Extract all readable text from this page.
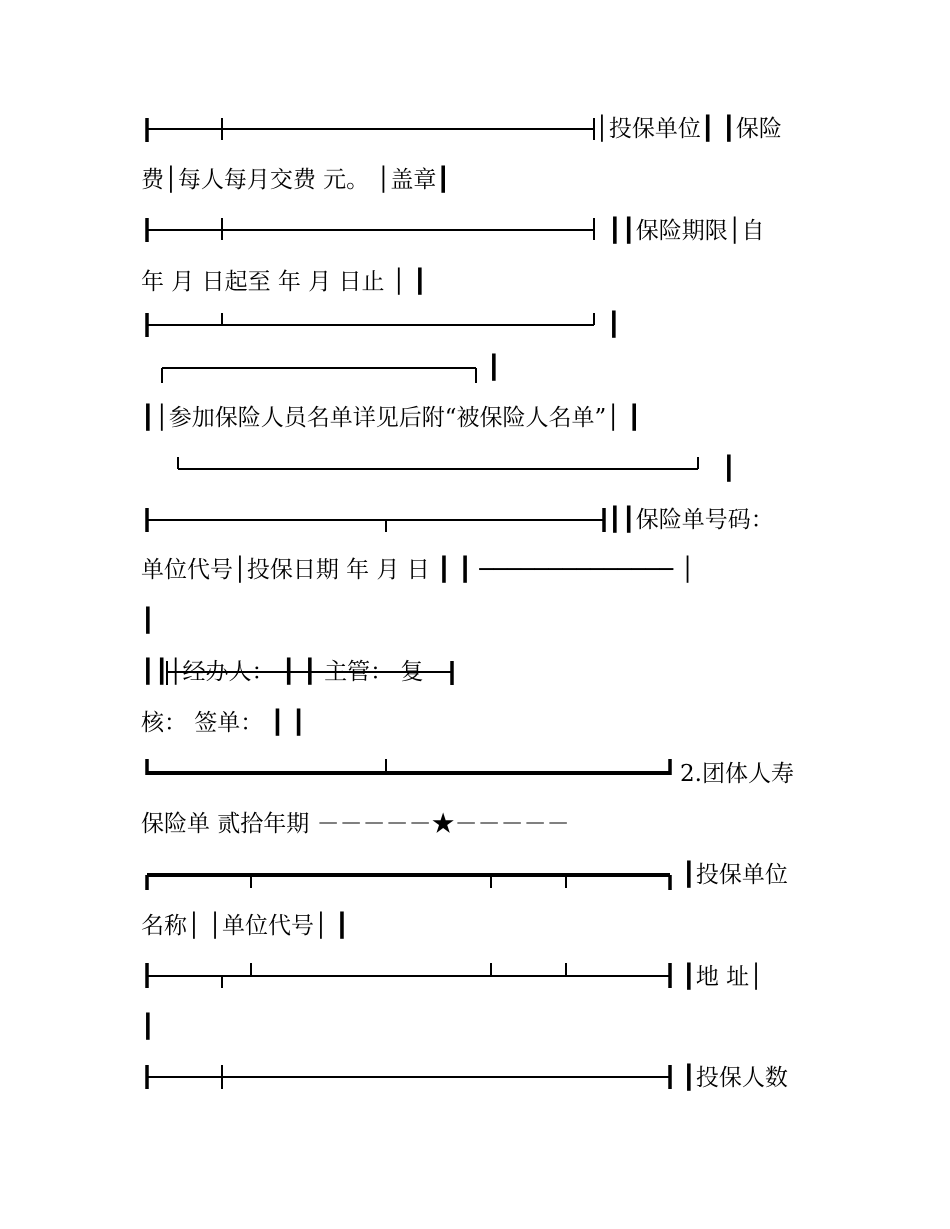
│投保单位┃ ┃保险
费│每人每月交费 元。 │盖章┃
┃┃保险期限│自
年 月 日起至 年 月 日止 │ ┃
┃
┃
┃│参加保险人员名单详见后附“被保险人名单”│ ┃
┃
┃┃保险单号码：
单位代号│投保日期 年 月 日 ┃ ┃ ────────────── │
┃
┃┃│经办人： ┃ ┃ 主管： 复
核： 签单： ┃ ┃
2.团体人寿
保险单 贰拾年期 －－－－－★－－－－－
┃投保单位
名称│ │单位代号│ ┃
┃地 址│
┃
┃投保人数
